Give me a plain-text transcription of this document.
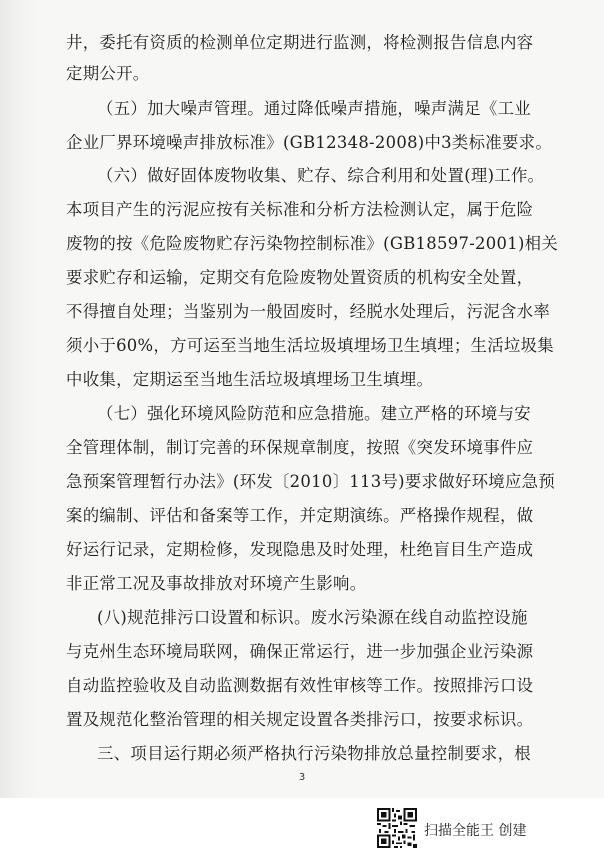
井，委托有资质的检测单位定期进行监测，将检测报告信息内容
定期公开。
（五）加大噪声管理。通过降低噪声措施，噪声满足《工业
企业厂界环境噪声排放标准》(GB12348-2008)中3类标准要求。
（六）做好固体废物收集、贮存、综合利用和处置(理)工作。
本项目产生的污泥应按有关标准和分析方法检测认定，属于危险
废物的按《危险废物贮存污染物控制标准》(GB18597-2001)相关
要求贮存和运输，定期交有危险废物处置资质的机构安全处置，
不得擅自处理；当鉴别为一般固废时，经脱水处理后，污泥含水率
须小于60%，方可运至当地生活垃圾填埋场卫生填埋；生活垃圾集
中收集，定期运至当地生活垃圾填埋场卫生填埋。
（七）强化环境风险防范和应急措施。建立严格的环境与安
全管理体制，制订完善的环保规章制度，按照《突发环境事件应
急预案管理暂行办法》(环发〔2010〕113号)要求做好环境应急预
案的编制、评估和备案等工作，并定期演练。严格操作规程，做
好运行记录，定期检修，发现隐患及时处理，杜绝盲目生产造成
非正常工况及事故排放对环境产生影响。
(八)规范排污口设置和标识。废水污染源在线自动监控设施
与克州生态环境局联网，确保正常运行，进一步加强企业污染源
自动监控验收及自动监测数据有效性审核等工作。按照排污口设
置及规范化整治管理的相关规定设置各类排污口，按要求标识。
三、项目运行期必须严格执行污染物排放总量控制要求，根
3
扫描全能王 创建
